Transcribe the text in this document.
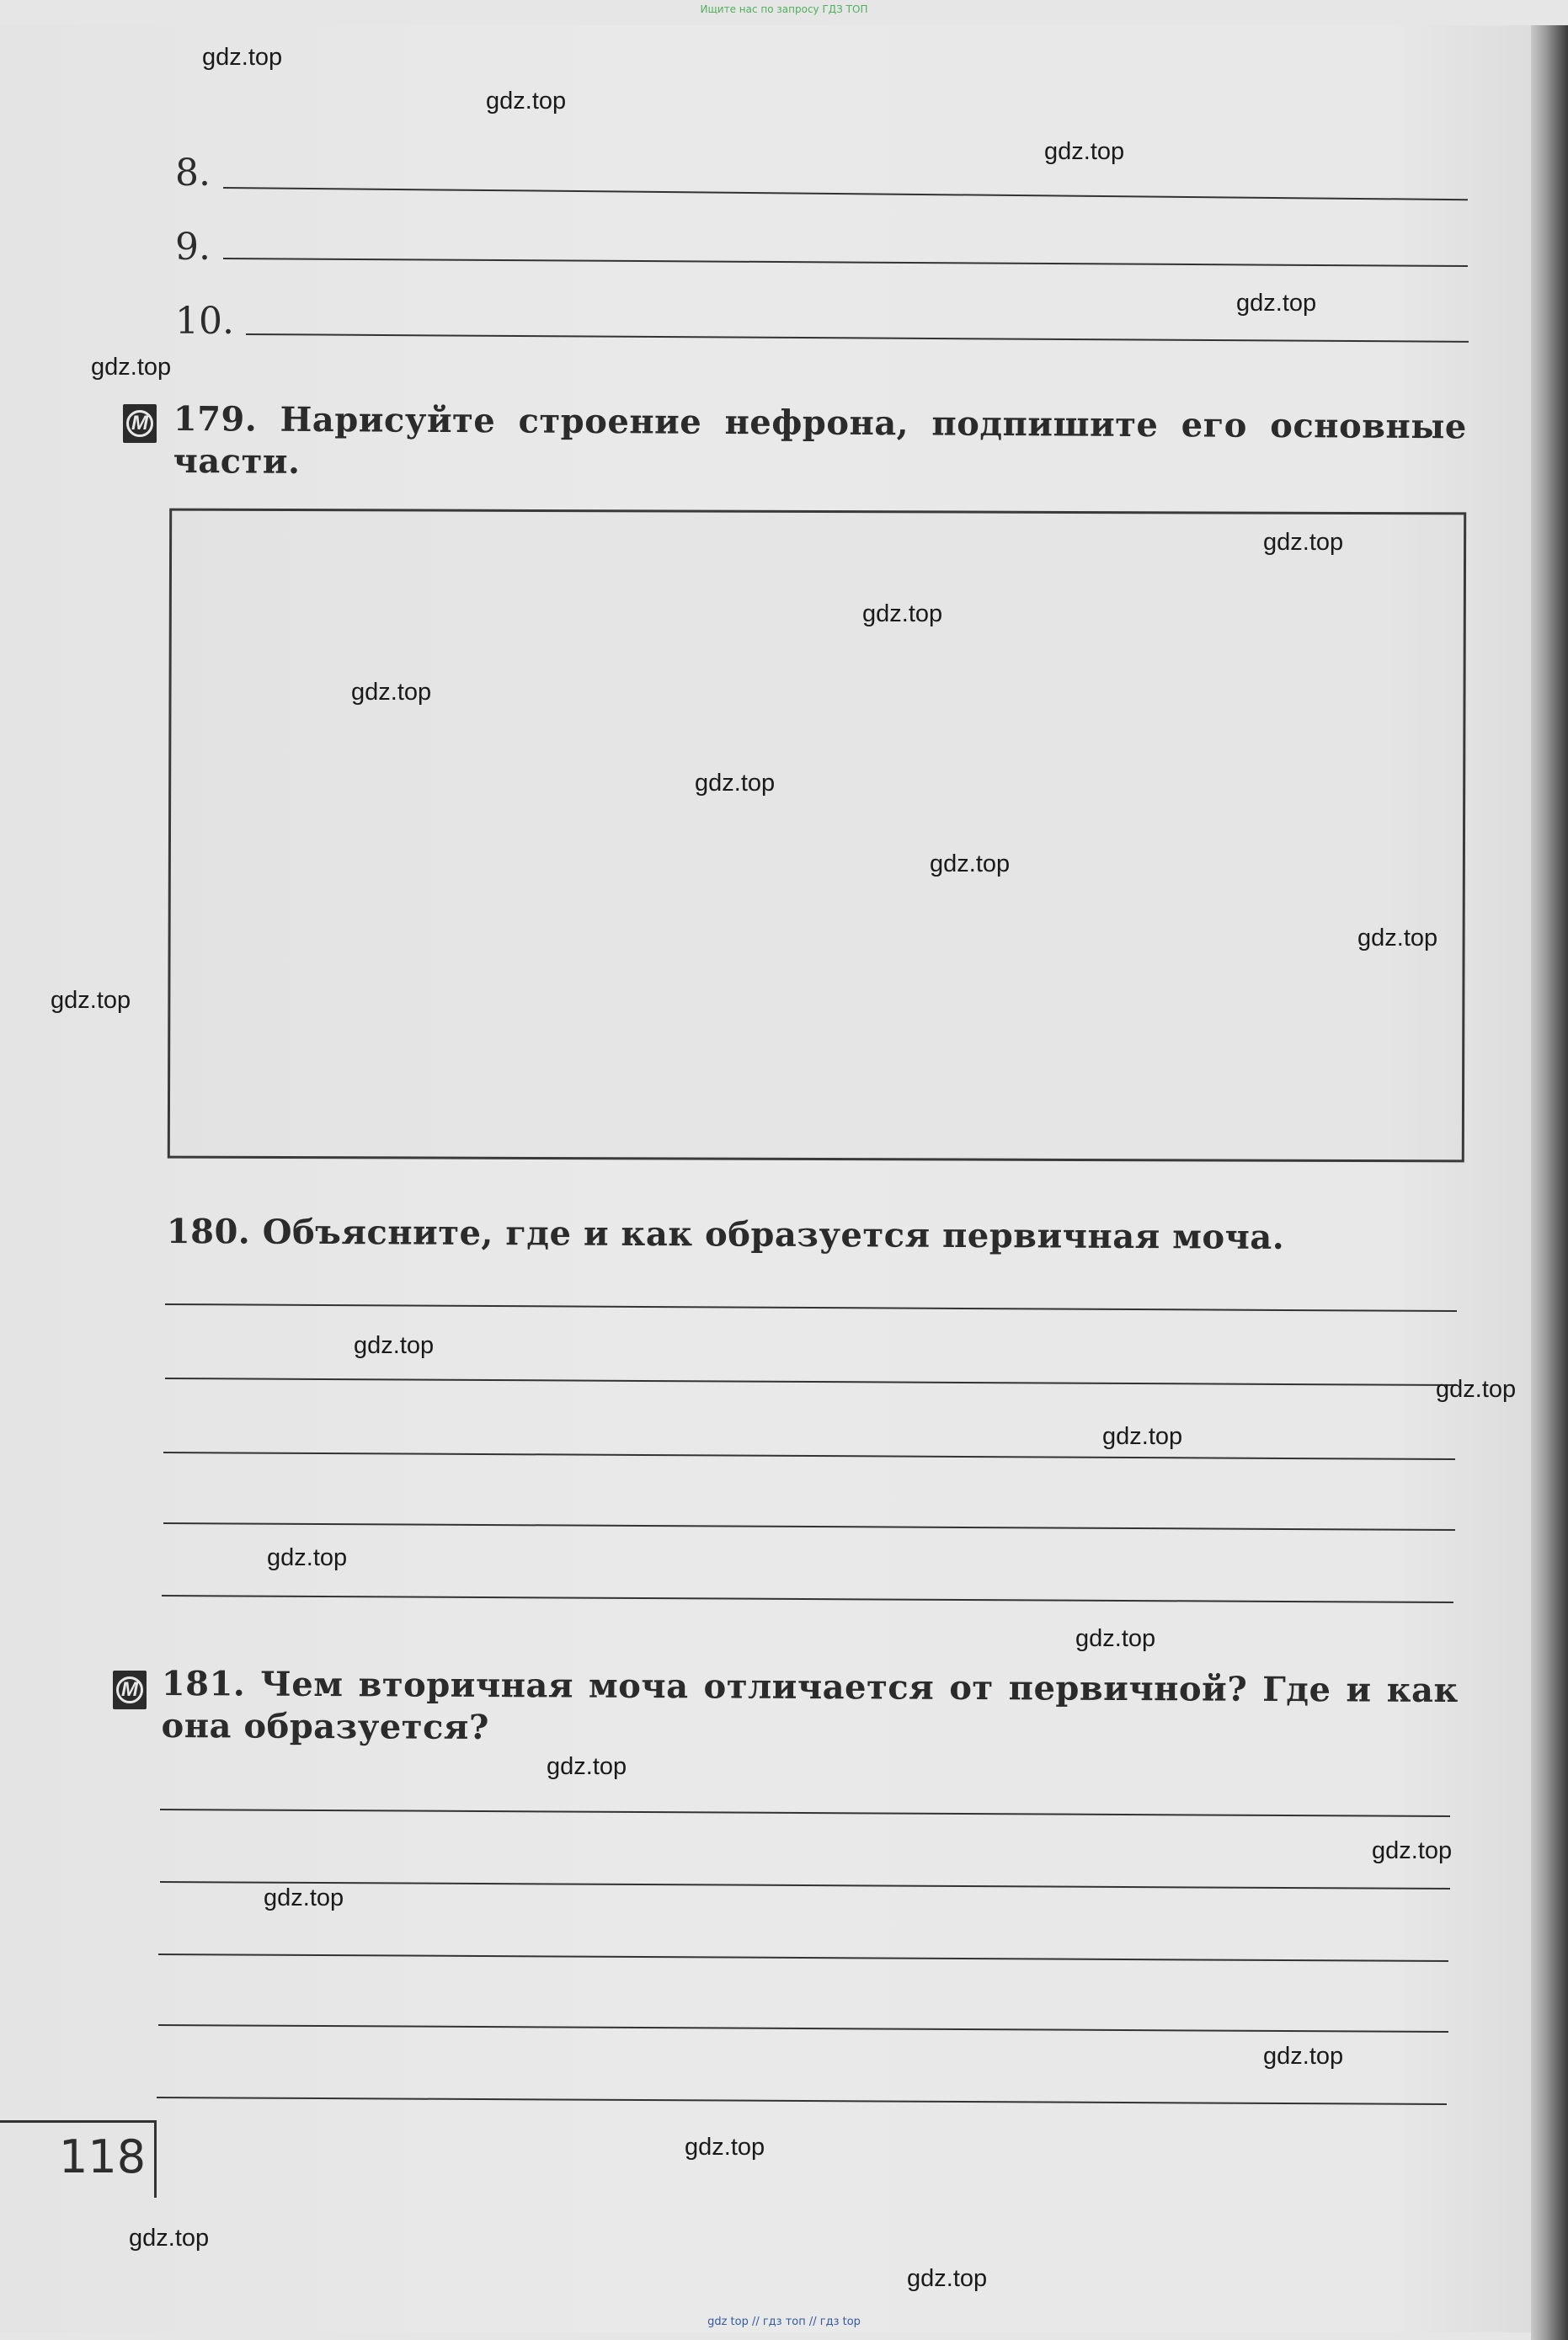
Ищите нас по запросу ГДЗ ТОП
8.
9.
10.
М 179. Нарисуйте строение нефрона, подпишите его основные части.
180. Объясните, где и как образуется первичная моча.
М 181. Чем вторичная моча отличается от первичной? Где и как она образуется?
118
gdz.top
gdz.top
gdz.top
gdz.top
gdz.top
gdz.top
gdz.top
gdz.top
gdz.top
gdz.top
gdz.top
gdz.top
gdz.top
gdz.top
gdz.top
gdz.top
gdz.top
gdz.top
gdz.top
gdz.top
gdz.top
gdz.top
gdz.top
gdz.top
gdz top // гдз топ // гдз top
